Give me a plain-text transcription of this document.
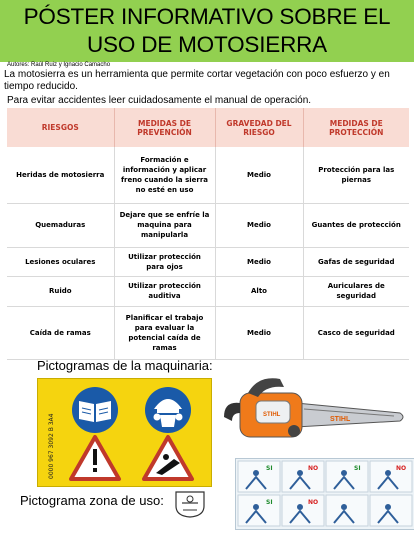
PÓSTER INFORMATIVO SOBRE EL USO DE MOTOSIERRA
Autores: Raúl Ruiz y Ignacio Camacho
La motosierra es un herramienta que permite cortar vegetación con poco esfuerzo y en tiempo reducido.
Para evitar accidentes leer cuidadosamente el manual de operación.
RIESGOS	MEDIDAS DE PREVENCIÓN	GRAVEDAD DEL RIESGO	MEDIDAS DE PROTECCIÓN
Heridas de motosierra	Formación e información y aplicar freno cuando la sierra no esté en uso	Medio	Protección para las piernas
Quemaduras	Dejare que se enfríe la maquina para manipularla	Medio	Guantes de protección
Lesiones oculares	Utilizar protección para ojos	Medio	Gafas de seguridad
Ruido	Utilizar protección auditiva	Alto	Auriculares de seguridad
Caída de ramas	Planificar el trabajo para evaluar la potencial caída de ramas	Medio	Casco de seguridad
Pictogramas de la maquinaria:
0000 967 3092 B 3A4	STIHL
STIHL
SI	NO	SI	NO
SI	NO
Pictograma zona de uso:
